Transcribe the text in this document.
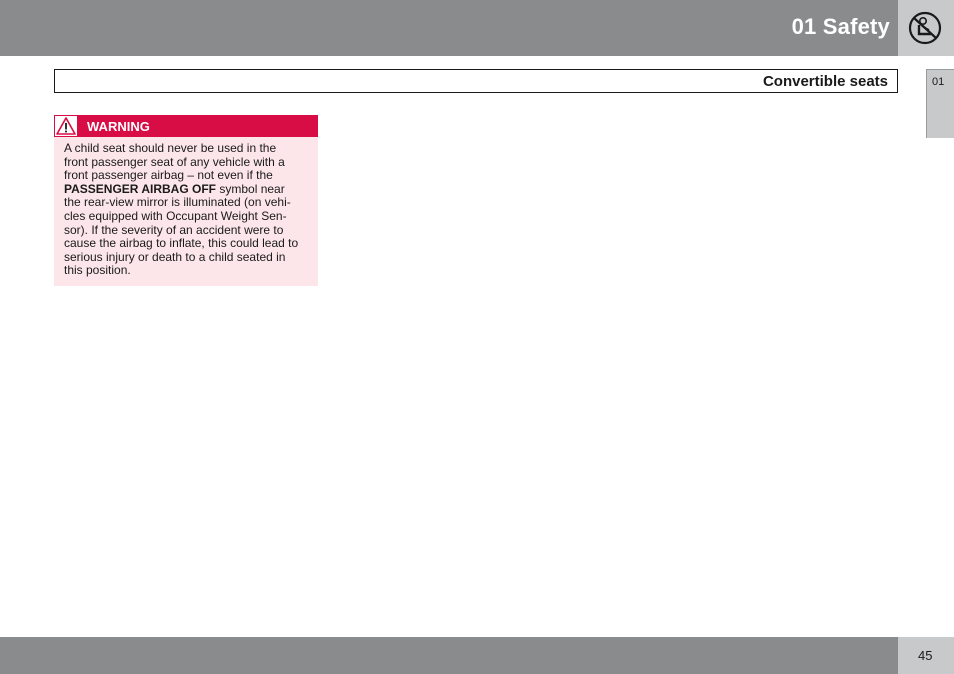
01 Safety
Convertible seats	01
WARNING
A child seat should never be used in the
front passenger seat of any vehicle with a
front passenger airbag – not even if the
PASSENGER AIRBAG OFF symbol near
the rear-view mirror is illuminated (on vehi-
cles equipped with Occupant Weight Sen-
sor). If the severity of an accident were to
cause the airbag to inflate, this could lead to
serious injury or death to a child seated in
this position.
45
